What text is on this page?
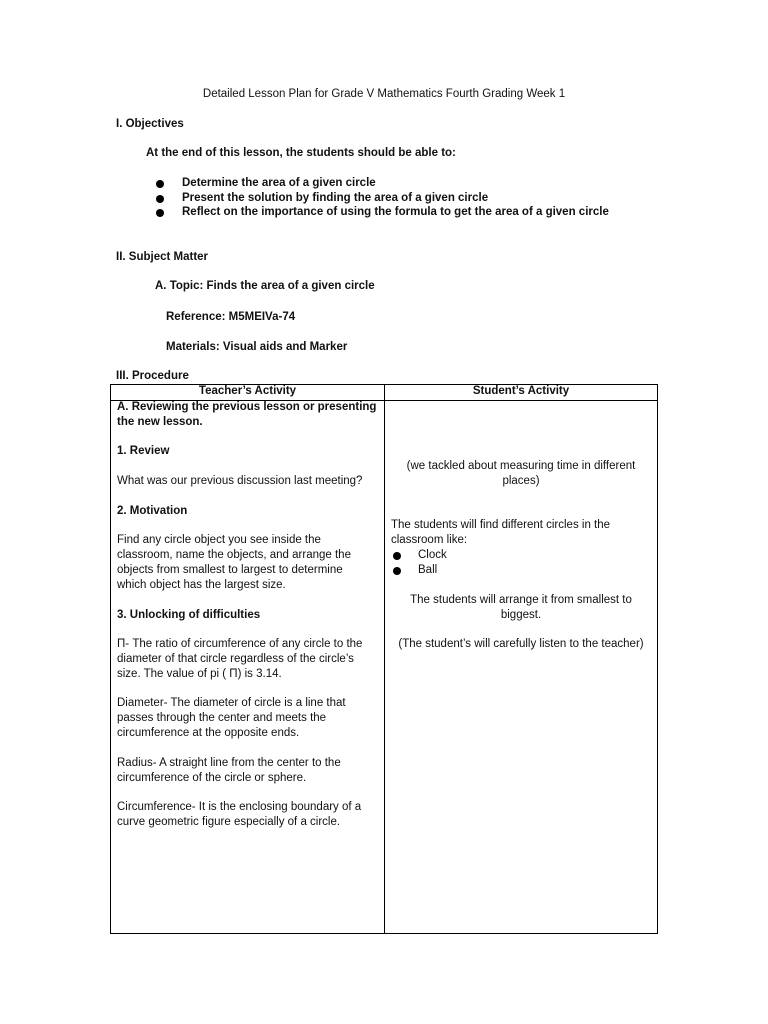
Detailed Lesson Plan for Grade V Mathematics Fourth Grading Week 1
I. Objectives
At the end of this lesson, the students should be able to:
Determine the area of a given circle
Present the solution by finding the area of a given circle
Reflect on the importance of using the formula to get the area of a given circle
II. Subject Matter
A. Topic: Finds the area of a given circle
Reference: M5MEIVa-74
Materials: Visual aids and Marker
III. Procedure
Teacher’s Activity	Student’s Activity
A. Reviewing the previous lesson or presenting
the new lesson.
1. Review
What was our previous discussion last meeting?
2. Motivation
Find any circle object you see inside the
classroom, name the objects, and arrange the
objects from smallest to largest to determine
which object has the largest size.
3. Unlocking of difficulties
Π- The ratio of circumference of any circle to the
diameter of that circle regardless of the circle’s
size. The value of pi ( Π) is 3.14.
Diameter- The diameter of circle is a line that
passes through the center and meets the
circumference at the opposite ends.
Radius- A straight line from the center to the
circumference of the circle or sphere.
Circumference- It is the enclosing boundary of a
curve geometric figure especially of a circle.
(we tackled about measuring time in different
places)
The students will find different circles in the
classroom like:
Clock
Ball
The students will arrange it from smallest to
biggest.
(The student’s will carefully listen to the teacher)
